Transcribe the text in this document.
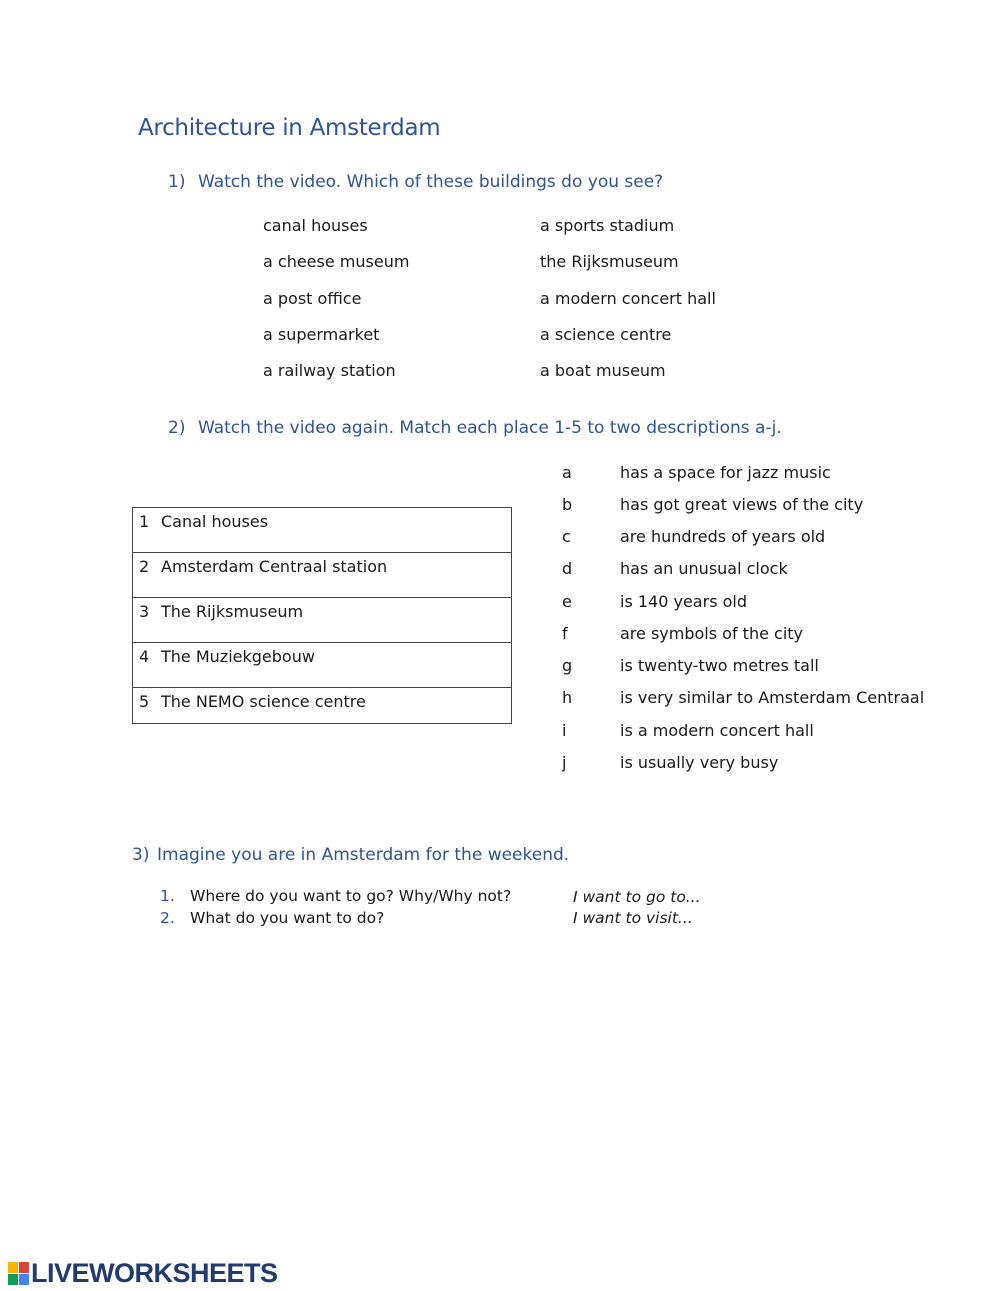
Architecture in Amsterdam
1) Watch the video. Which of these buildings do you see?
canal houses	a sports stadium
a cheese museum	the Rijksmuseum
a post office	a modern concert hall
a supermarket	a science centre
a railway station	a boat museum
2) Watch the video again. Match each place 1-5 to two descriptions a-j.
1 Canal houses
2 Amsterdam Centraal station
3 The Rijksmuseum
4 The Muziekgebouw
5 The NEMO science centre
a	has a space for jazz music
b	has got great views of the city
c	are hundreds of years old
d	has an unusual clock
e	is 140 years old
f	are symbols of the city
g	is twenty-two metres tall
h	is very similar to Amsterdam Centraal
i	is a modern concert hall
j	is usually very busy
3) Imagine you are in Amsterdam for the weekend.
1. Where do you want to go? Why/Why not?
2. What do you want to do?
I want to go to...
I want to visit...
LIVEWORKSHEETS
